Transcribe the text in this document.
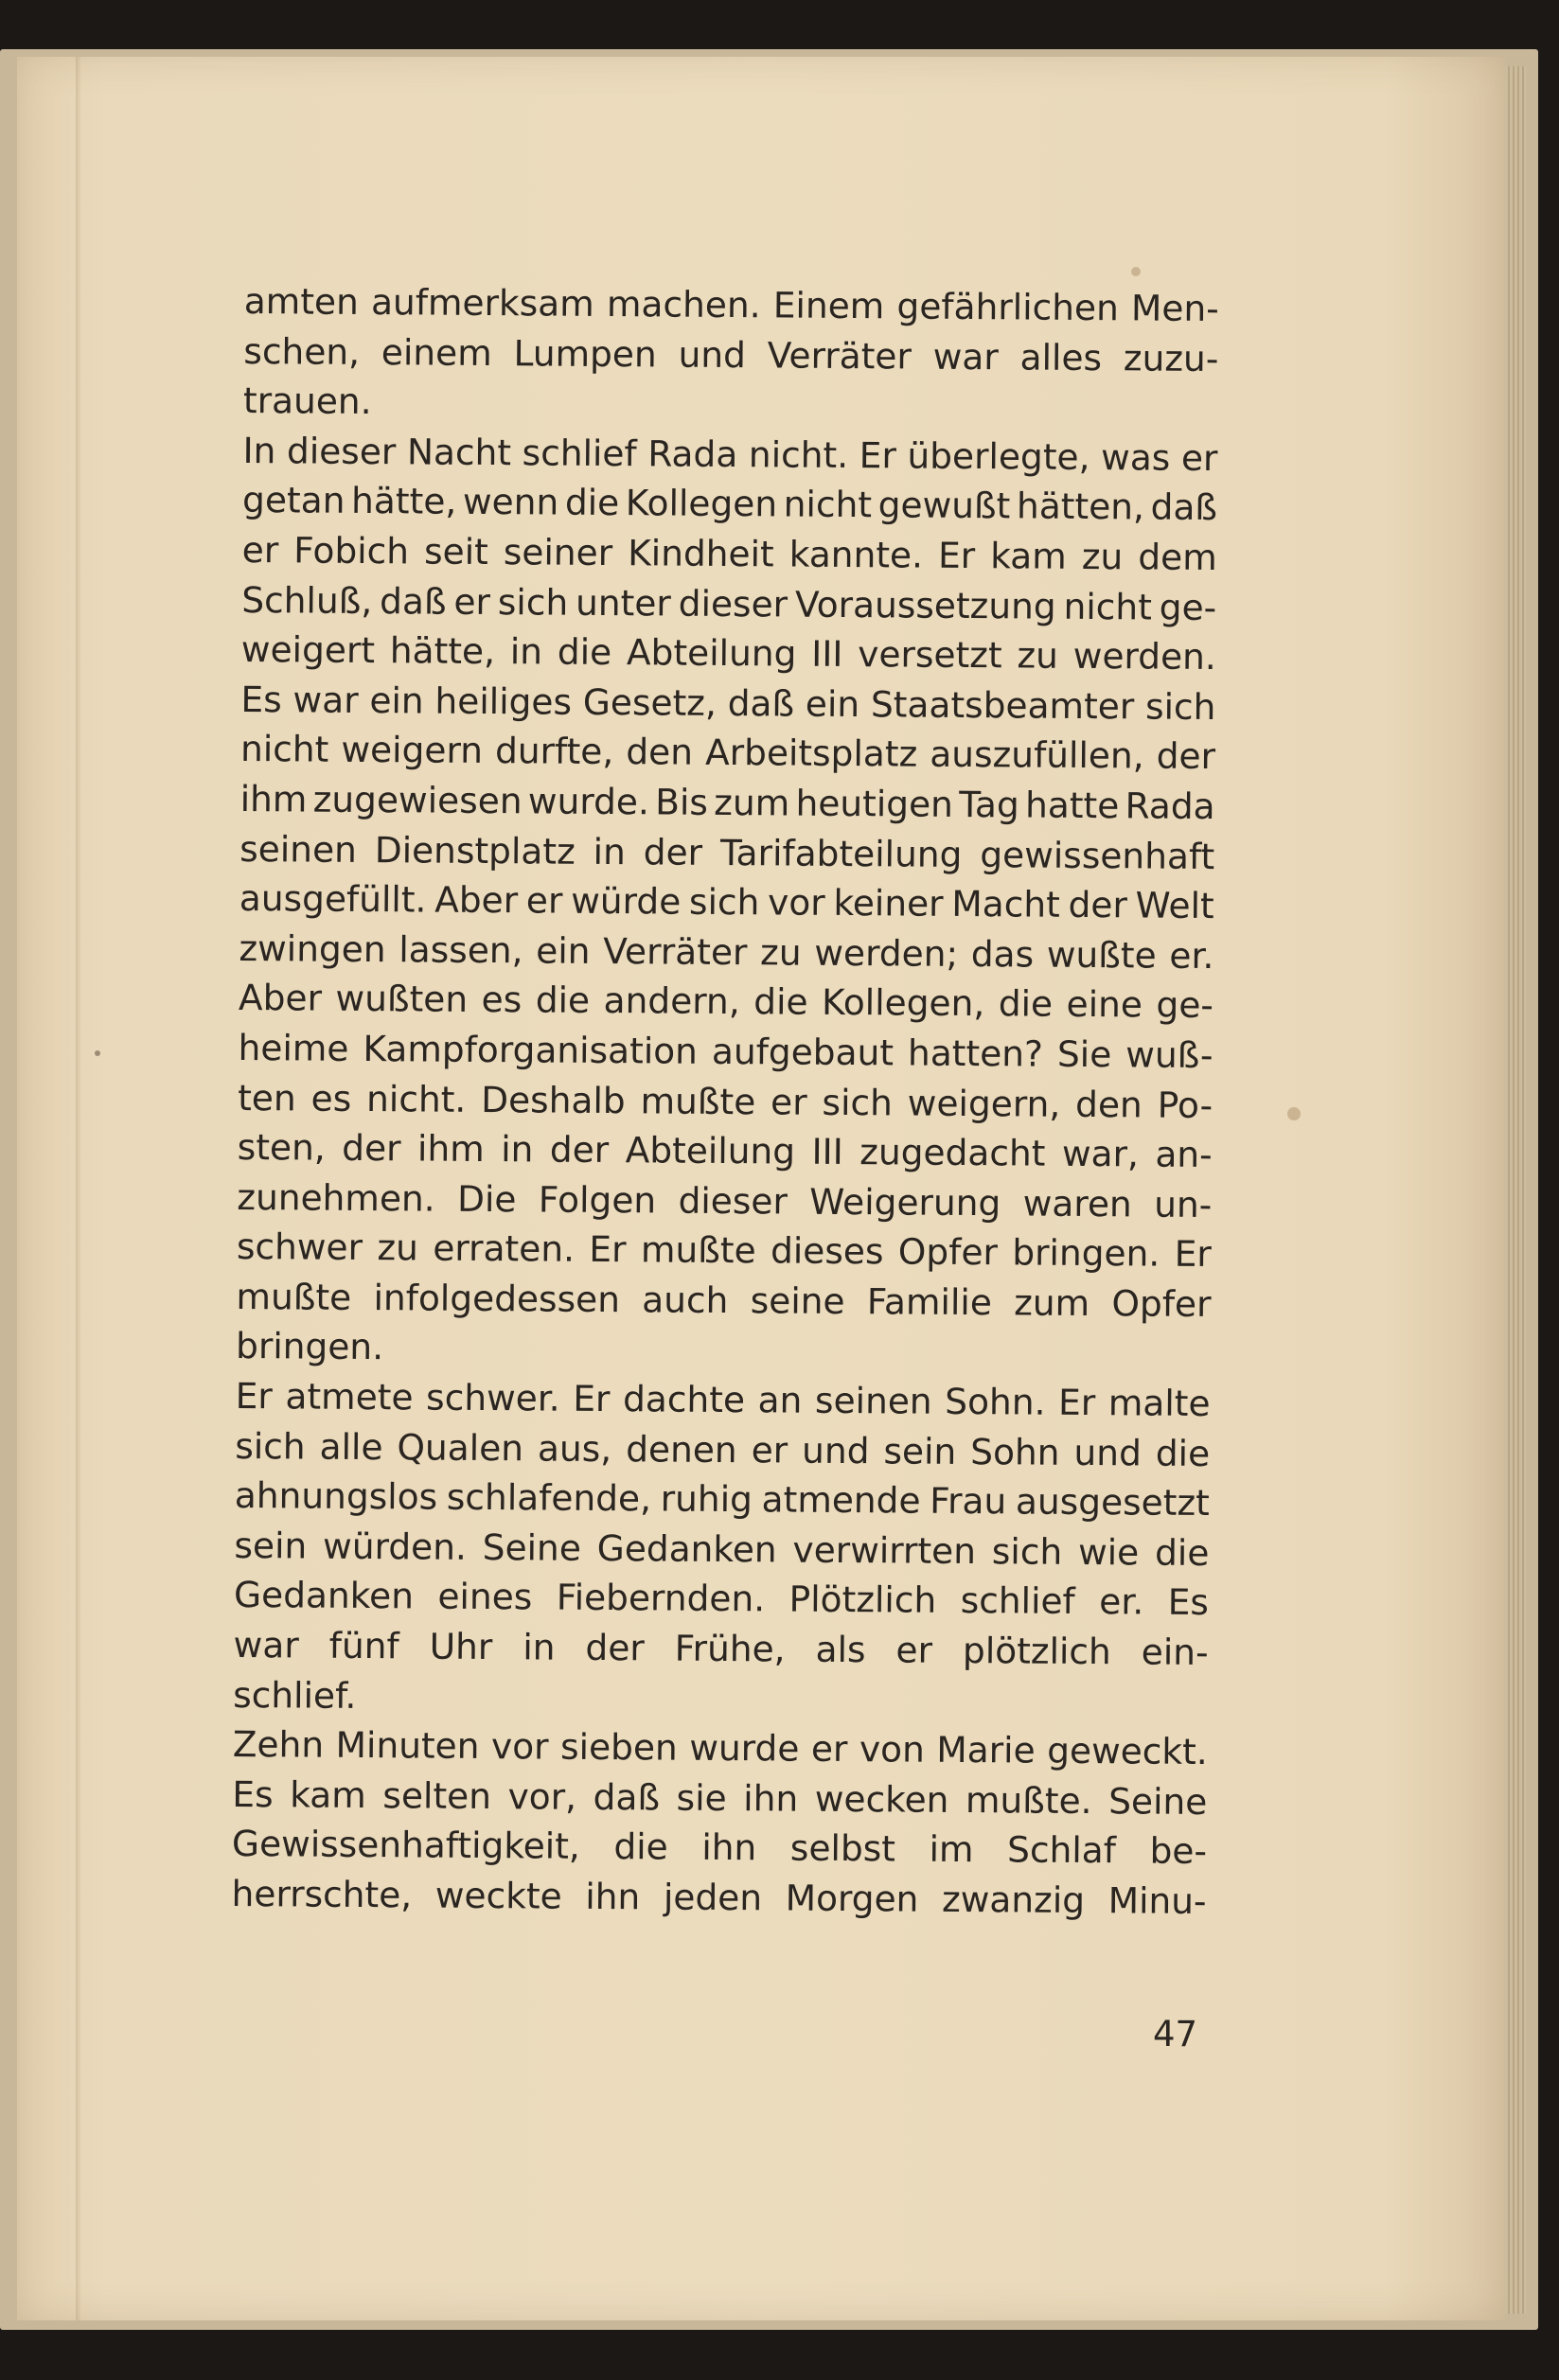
amten aufmerksam machen. Einem gefährlichen Men-
schen, einem Lumpen und Verräter war alles zuzu-
trauen.
In dieser Nacht schlief Rada nicht. Er überlegte, was er
getan hätte, wenn die Kollegen nicht gewußt hätten, daß
er Fobich seit seiner Kindheit kannte. Er kam zu dem
Schluß, daß er sich unter dieser Voraussetzung nicht ge-
weigert hätte, in die Abteilung III versetzt zu werden.
Es war ein heiliges Gesetz, daß ein Staatsbeamter sich
nicht weigern durfte, den Arbeitsplatz auszufüllen, der
ihm zugewiesen wurde. Bis zum heutigen Tag hatte Rada
seinen Dienstplatz in der Tarifabteilung gewissenhaft
ausgefüllt. Aber er würde sich vor keiner Macht der Welt
zwingen lassen, ein Verräter zu werden; das wußte er.
Aber wußten es die andern, die Kollegen, die eine ge-
heime Kampforganisation aufgebaut hatten? Sie wuß-
ten es nicht. Deshalb mußte er sich weigern, den Po-
sten, der ihm in der Abteilung III zugedacht war, an-
zunehmen. Die Folgen dieser Weigerung waren un-
schwer zu erraten. Er mußte dieses Opfer bringen. Er
mußte infolgedessen auch seine Familie zum Opfer
bringen.
Er atmete schwer. Er dachte an seinen Sohn. Er malte
sich alle Qualen aus, denen er und sein Sohn und die
ahnungslos schlafende, ruhig atmende Frau ausgesetzt
sein würden. Seine Gedanken verwirrten sich wie die
Gedanken eines Fiebernden. Plötzlich schlief er. Es
war fünf Uhr in der Frühe, als er plötzlich ein-
schlief.
Zehn Minuten vor sieben wurde er von Marie geweckt.
Es kam selten vor, daß sie ihn wecken mußte. Seine
Gewissenhaftigkeit, die ihn selbst im Schlaf be-
herrschte, weckte ihn jeden Morgen zwanzig Minu-
47
